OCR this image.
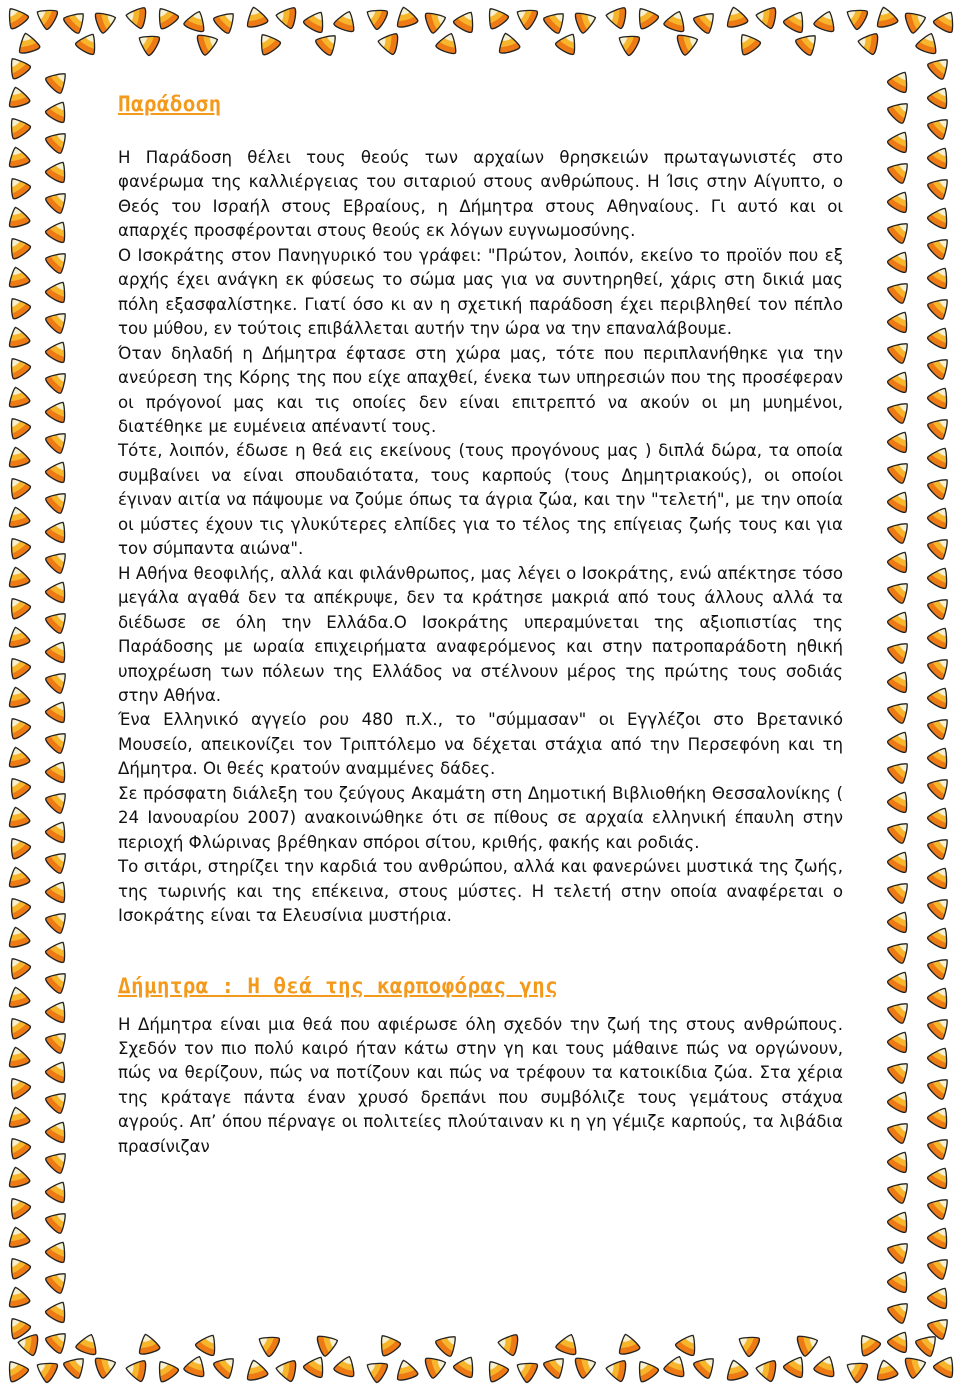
Παράδοση

Η Παράδοση θέλει τους θεούς των αρχαίων θρησκειών πρωταγωνιστές στο φανέρωμα της καλλιέργειας του σιταριού στους ανθρώπους. Η Ίσις στην Αίγυπτο, ο Θεός του Ισραήλ στους Εβραίους, η Δήμητρα στους Αθηναίους. Γι αυτό και οι απαρχές προσφέρονται στους θεούς εκ λόγων ευγνωμοσύνης.

Ο Ισοκράτης στον Πανηγυρικό του γράφει: "Πρώτον, λοιπόν, εκείνο το προϊόν που εξ αρχής έχει ανάγκη εκ φύσεως το σώμα μας για να συντηρηθεί, χάρις στη δικιά μας πόλη εξασφαλίστηκε. Γιατί όσο κι αν η σχετική παράδοση έχει περιβληθεί τον πέπλο του μύθου, εν τούτοις επιβάλλεται αυτήν την ώρα να την επαναλάβουμε.

Όταν δηλαδή η Δήμητρα έφτασε στη χώρα μας, τότε που περιπλανήθηκε για την ανεύρεση της Κόρης της που είχε απαχθεί, ένεκα των υπηρεσιών που της προσέφεραν οι πρόγονοί μας και τις οποίες δεν είναι επιτρεπτό να ακούν οι μη μυημένοι, διατέθηκε με ευμένεια απέναντί τους.

Τότε, λοιπόν, έδωσε η θεά εις εκείνους (τους προγόνους μας ) διπλά δώρα, τα οποία συμβαίνει να είναι σπουδαιότατα, τους καρπούς (τους Δημητριακούς), οι οποίοι έγιναν αιτία να πάψουμε να ζούμε όπως τα άγρια ζώα, και την "τελετή", με την οποία οι μύστες έχουν τις γλυκύτερες ελπίδες για το τέλος της επίγειας ζωής τους και για τον σύμπαντα αιώνα".

Η Αθήνα θεοφιλής, αλλά και φιλάνθρωπος, μας λέγει ο Ισοκράτης, ενώ απέκτησε τόσο μεγάλα αγαθά δεν τα απέκρυψε, δεν τα κράτησε μακριά από τους άλλους αλλά τα διέδωσε σε όλη την Ελλάδα.Ο Ισοκράτης υπεραμύνεται της αξιοπιστίας της Παράδοσης με ωραία επιχειρήματα αναφερόμενος και στην πατροπαράδοτη ηθική υποχρέωση των πόλεων της Ελλάδος να στέλνουν μέρος της πρώτης τους σοδιάς στην Αθήνα.

Ένα Ελληνικό αγγείο ρου 480 π.Χ., το "σύμμασαν" οι Εγγλέζοι στο Βρετανικό Μουσείο, απεικονίζει τον Τριπτόλεμο να δέχεται στάχια από την Περσεφόνη και τη Δήμητρα. Οι θεές κρατούν αναμμένες δάδες.

Σε πρόσφατη διάλεξη του ζεύγους Ακαμάτη στη Δημοτική Βιβλιοθήκη Θεσσαλονίκης ( 24 Ιανουαρίου 2007) ανακοινώθηκε ότι σε πίθους σε αρχαία ελληνική έπαυλη στην περιοχή Φλώρινας βρέθηκαν σπόροι σίτου, κριθής, φακής και ροδιάς.

Το σιτάρι, στηρίζει την καρδιά του ανθρώπου, αλλά και φανερώνει μυστικά της ζωής, της τωρινής και της επέκεινα, στους μύστες. Η τελετή στην οποία αναφέρεται ο Ισοκράτης είναι τα Ελευσίνια μυστήρια.

Δήμητρα : Η θεά της καρποφόρας γης

Η Δήμητρα είναι μια θεά που αφιέρωσε όλη σχεδόν την ζωή της στους ανθρώπους. Σχεδόν τον πιο πολύ καιρό ήταν κάτω στην γη και τους μάθαινε πώς να οργώνουν, πώς να θερίζουν, πώς να ποτίζουν και πώς να τρέφουν τα κατοικίδια ζώα. Στα χέρια της κράταγε πάντα έναν χρυσό δρεπάνι που συμβόλιζε τους γεμάτους στάχυα αγρούς. Απ’ όπου πέρναγε οι πολιτείες πλούταιναν κι η γη γέμιζε καρπούς, τα λιβάδια πρασίνιζαν
